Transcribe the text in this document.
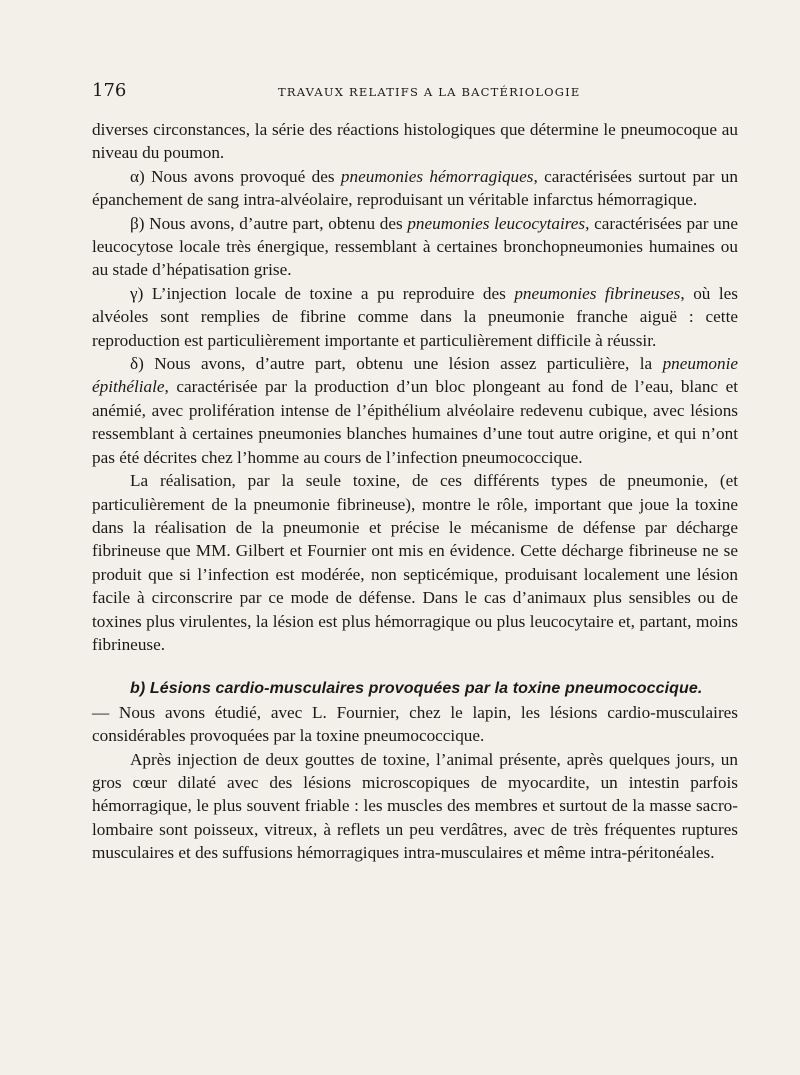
176	TRAVAUX RELATIFS A LA BACTÉRIOLOGIE

diverses circonstances, la série des réactions histologiques que détermine le pneumocoque au niveau du poumon.

α) Nous avons provoqué des pneumonies hémorragiques, caractérisées surtout par un épanchement de sang intra-alvéolaire, reproduisant un véritable infarctus hémorragique.

β) Nous avons, d’autre part, obtenu des pneumonies leucocytaires, caractérisées par une leucocytose locale très énergique, ressemblant à certaines bronchopneumonies humaines ou au stade d’hépatisation grise.

γ) L’injection locale de toxine a pu reproduire des pneumonies fibrineuses, où les alvéoles sont remplies de fibrine comme dans la pneumonie franche aiguë : cette reproduction est particulièrement importante et particulièrement difficile à réussir.

δ) Nous avons, d’autre part, obtenu une lésion assez particulière, la pneumonie épithéliale, caractérisée par la production d’un bloc plongeant au fond de l’eau, blanc et anémié, avec prolifération intense de l’épithélium alvéolaire redevenu cubique, avec lésions ressemblant à certaines pneumonies blanches humaines d’une tout autre origine, et qui n’ont pas été décrites chez l’homme au cours de l’infection pneumococcique.

La réalisation, par la seule toxine, de ces différents types de pneumonie, (et particulièrement de la pneumonie fibrineuse), montre le rôle, important que joue la toxine dans la réalisation de la pneumonie et précise le mécanisme de défense par décharge fibrineuse que MM. Gilbert et Fournier ont mis en évidence. Cette décharge fibrineuse ne se produit que si l’infection est modérée, non septicémique, produisant localement une lésion facile à circonscrire par ce mode de défense. Dans le cas d’animaux plus sensibles ou de toxines plus virulentes, la lésion est plus hémorragique ou plus leucocytaire et, partant, moins fibrineuse.

b) Lésions cardio-musculaires provoquées par la toxine pneumococcique.

— Nous avons étudié, avec L. Fournier, chez le lapin, les lésions cardio-musculaires considérables provoquées par la toxine pneumococcique.

Après injection de deux gouttes de toxine, l’animal présente, après quelques jours, un gros cœur dilaté avec des lésions microscopiques de myocardite, un intestin parfois hémorragique, le plus souvent friable : les muscles des membres et surtout de la masse sacro-lombaire sont poisseux, vitreux, à reflets un peu verdâtres, avec de très fréquentes ruptures musculaires et des suffusions hémorragiques intra-musculaires et même intra-péritonéales.
